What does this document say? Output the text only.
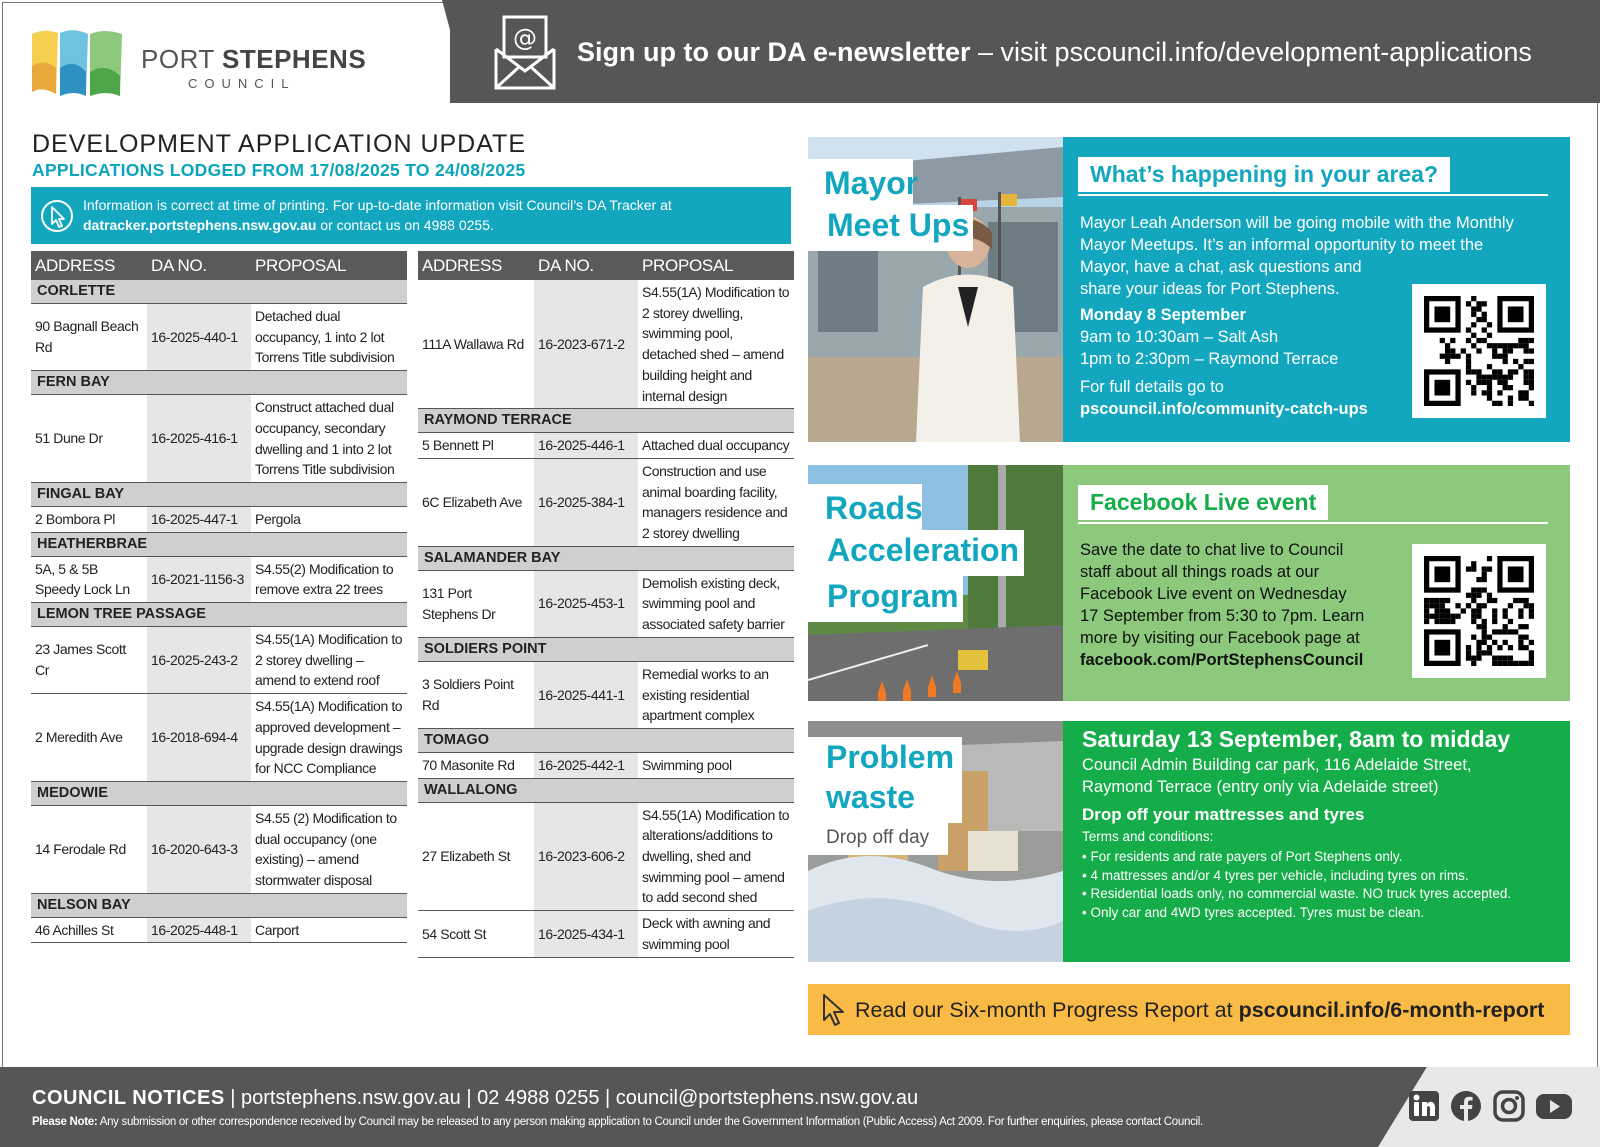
PORT STEPHENS
COUNCIL
@ Sign up to our DA e-newsletter – visit pscouncil.info/development-applications
DEVELOPMENT APPLICATION UPDATE
APPLICATIONS LODGED FROM 17/08/2025 TO 24/08/2025
Information is correct at time of printing. For up-to-date information visit Council’s DA Tracker at
datracker.portstephens.nsw.gov.au or contact us on 4988 0255.
ADDRESS	DA NO.	PROPOSAL
CORLETTE		
90 Bagnall Beach Rd	16-2025-440-1	Detached dual occupancy, 1 into 2 lot Torrens Title subdivision
FERN BAY		
51 Dune Dr	16-2025-416-1	Construct attached dual occupancy, secondary dwelling and 1 into 2 lot Torrens Title subdivision
FINGAL BAY		
2 Bombora Pl	16-2025-447-1	Pergola
HEATHERBRAE		
5A, 5 & 5B Speedy Lock Ln	16-2021-1156-3	S4.55(2) Modification to remove extra 22 trees
LEMON TREE PASSAGE		
23 James Scott Cr	16-2025-243-2	S4.55(1A) Modification to 2 storey dwelling – amend to extend roof
2 Meredith Ave	16-2018-694-4	S4.55(1A) Modification to approved development – upgrade design drawings for NCC Compliance
MEDOWIE		
14 Ferodale Rd	16-2020-643-3	S4.55 (2) Modification to dual occupancy (one existing) – amend stormwater disposal
NELSON BAY		
46 Achilles St	16-2025-448-1	Carport
ADDRESS	DA NO.	PROPOSAL
111A Wallawa Rd	16-2023-671-2	S4.55(1A) Modification to 2 storey dwelling, swimming pool, detached shed – amend building height and internal design
RAYMOND TERRACE		
5 Bennett Pl	16-2025-446-1	Attached dual occupancy
6C Elizabeth Ave	16-2025-384-1	Construction and use animal boarding facility, managers residence and 2 storey dwelling
SALAMANDER BAY		
131 Port Stephens Dr	16-2025-453-1	Demolish existing deck, swimming pool and associated safety barrier
SOLDIERS POINT		
3 Soldiers Point Rd	16-2025-441-1	Remedial works to an existing residential apartment complex
TOMAGO		
70 Masonite Rd	16-2025-442-1	Swimming pool
WALLALONG		
27 Elizabeth St	16-2023-606-2	S4.55(1A) Modification to alterations/additions to dwelling, shed and swimming pool – amend to add second shed
54 Scott St	16-2025-434-1	Deck with awning and swimming pool
Mayor
Meet Ups
What’s happening in your area?
Mayor Leah Anderson will be going mobile with the Monthly
Mayor Meetups. It’s an informal opportunity to meet the
Mayor, have a chat, ask questions and
share your ideas for Port Stephens.
Monday 8 September
9am to 10:30am – Salt Ash
1pm to 2:30pm – Raymond Terrace
For full details go to
pscouncil.info/community-catch-ups
Roads
Acceleration
Program
Facebook Live event
Save the date to chat live to Council
staff about all things roads at our
Facebook Live event on Wednesday
17 September from 5:30 to 7pm. Learn
more by visiting our Facebook page at
facebook.com/PortStephensCouncil
Problem
waste
Drop off day
Saturday 13 September, 8am to midday
Council Admin Building car park, 116 Adelaide Street,
Raymond Terrace (entry only via Adelaide street)
Drop off your mattresses and tyres
Terms and conditions:
• For residents and rate payers of Port Stephens only.
• 4 mattresses and/or 4 tyres per vehicle, including tyres on rims.
• Residential loads only, no commercial waste. NO truck tyres accepted.
• Only car and 4WD tyres accepted. Tyres must be clean.
Read our Six-month Progress Report at pscouncil.info/6-month-report
COUNCIL NOTICES | portstephens.nsw.gov.au | 02 4988 0255 | council@portstephens.nsw.gov.au
Please Note: Any submission or other correspondence received by Council may be released to any person making application to Council under the Government Information (Public Access) Act 2009. For further enquiries, please contact Council.
